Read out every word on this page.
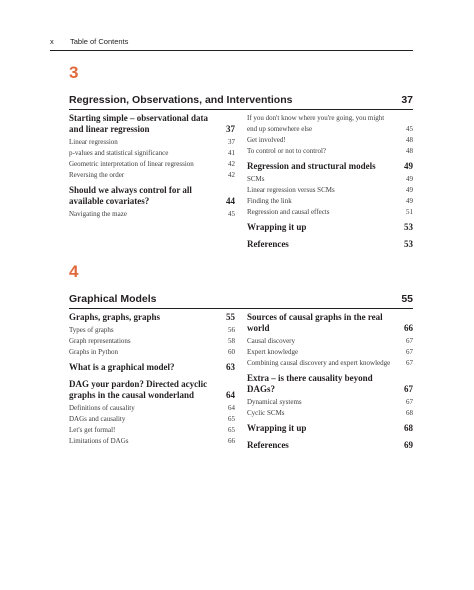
x Table of Contents
3
Regression, Observations, and Interventions	37
Starting simple – observational data and linear regression	37
Linear regression	37
p-values and statistical significance	41
Geometric interpretation of linear regression	42
Reversing the order	42
Should we always control for all available covariates?	44
Navigating the maze	45
If you don't know where you're going, you might end up somewhere else	45
Get involved!	48
To control or not to control?	48
Regression and structural models	49
SCMs	49
Linear regression versus SCMs	49
Finding the link	49
Regression and causal effects	51
Wrapping it up	53
References	53
4
Graphical Models	55
Graphs, graphs, graphs	55
Types of graphs	56
Graph representations	58
Graphs in Python	60
What is a graphical model?	63
DAG your pardon? Directed acyclic graphs in the causal wonderland	64
Definitions of causality	64
DAGs and causality	65
Let's get formal!	65
Limitations of DAGs	66
Sources of causal graphs in the real world	66
Causal discovery	67
Expert knowledge	67
Combining causal discovery and expert knowledge 67
Extra – is there causality beyond DAGs?	67
Dynamical systems	67
Cyclic SCMs	68
Wrapping it up	68
References	69
